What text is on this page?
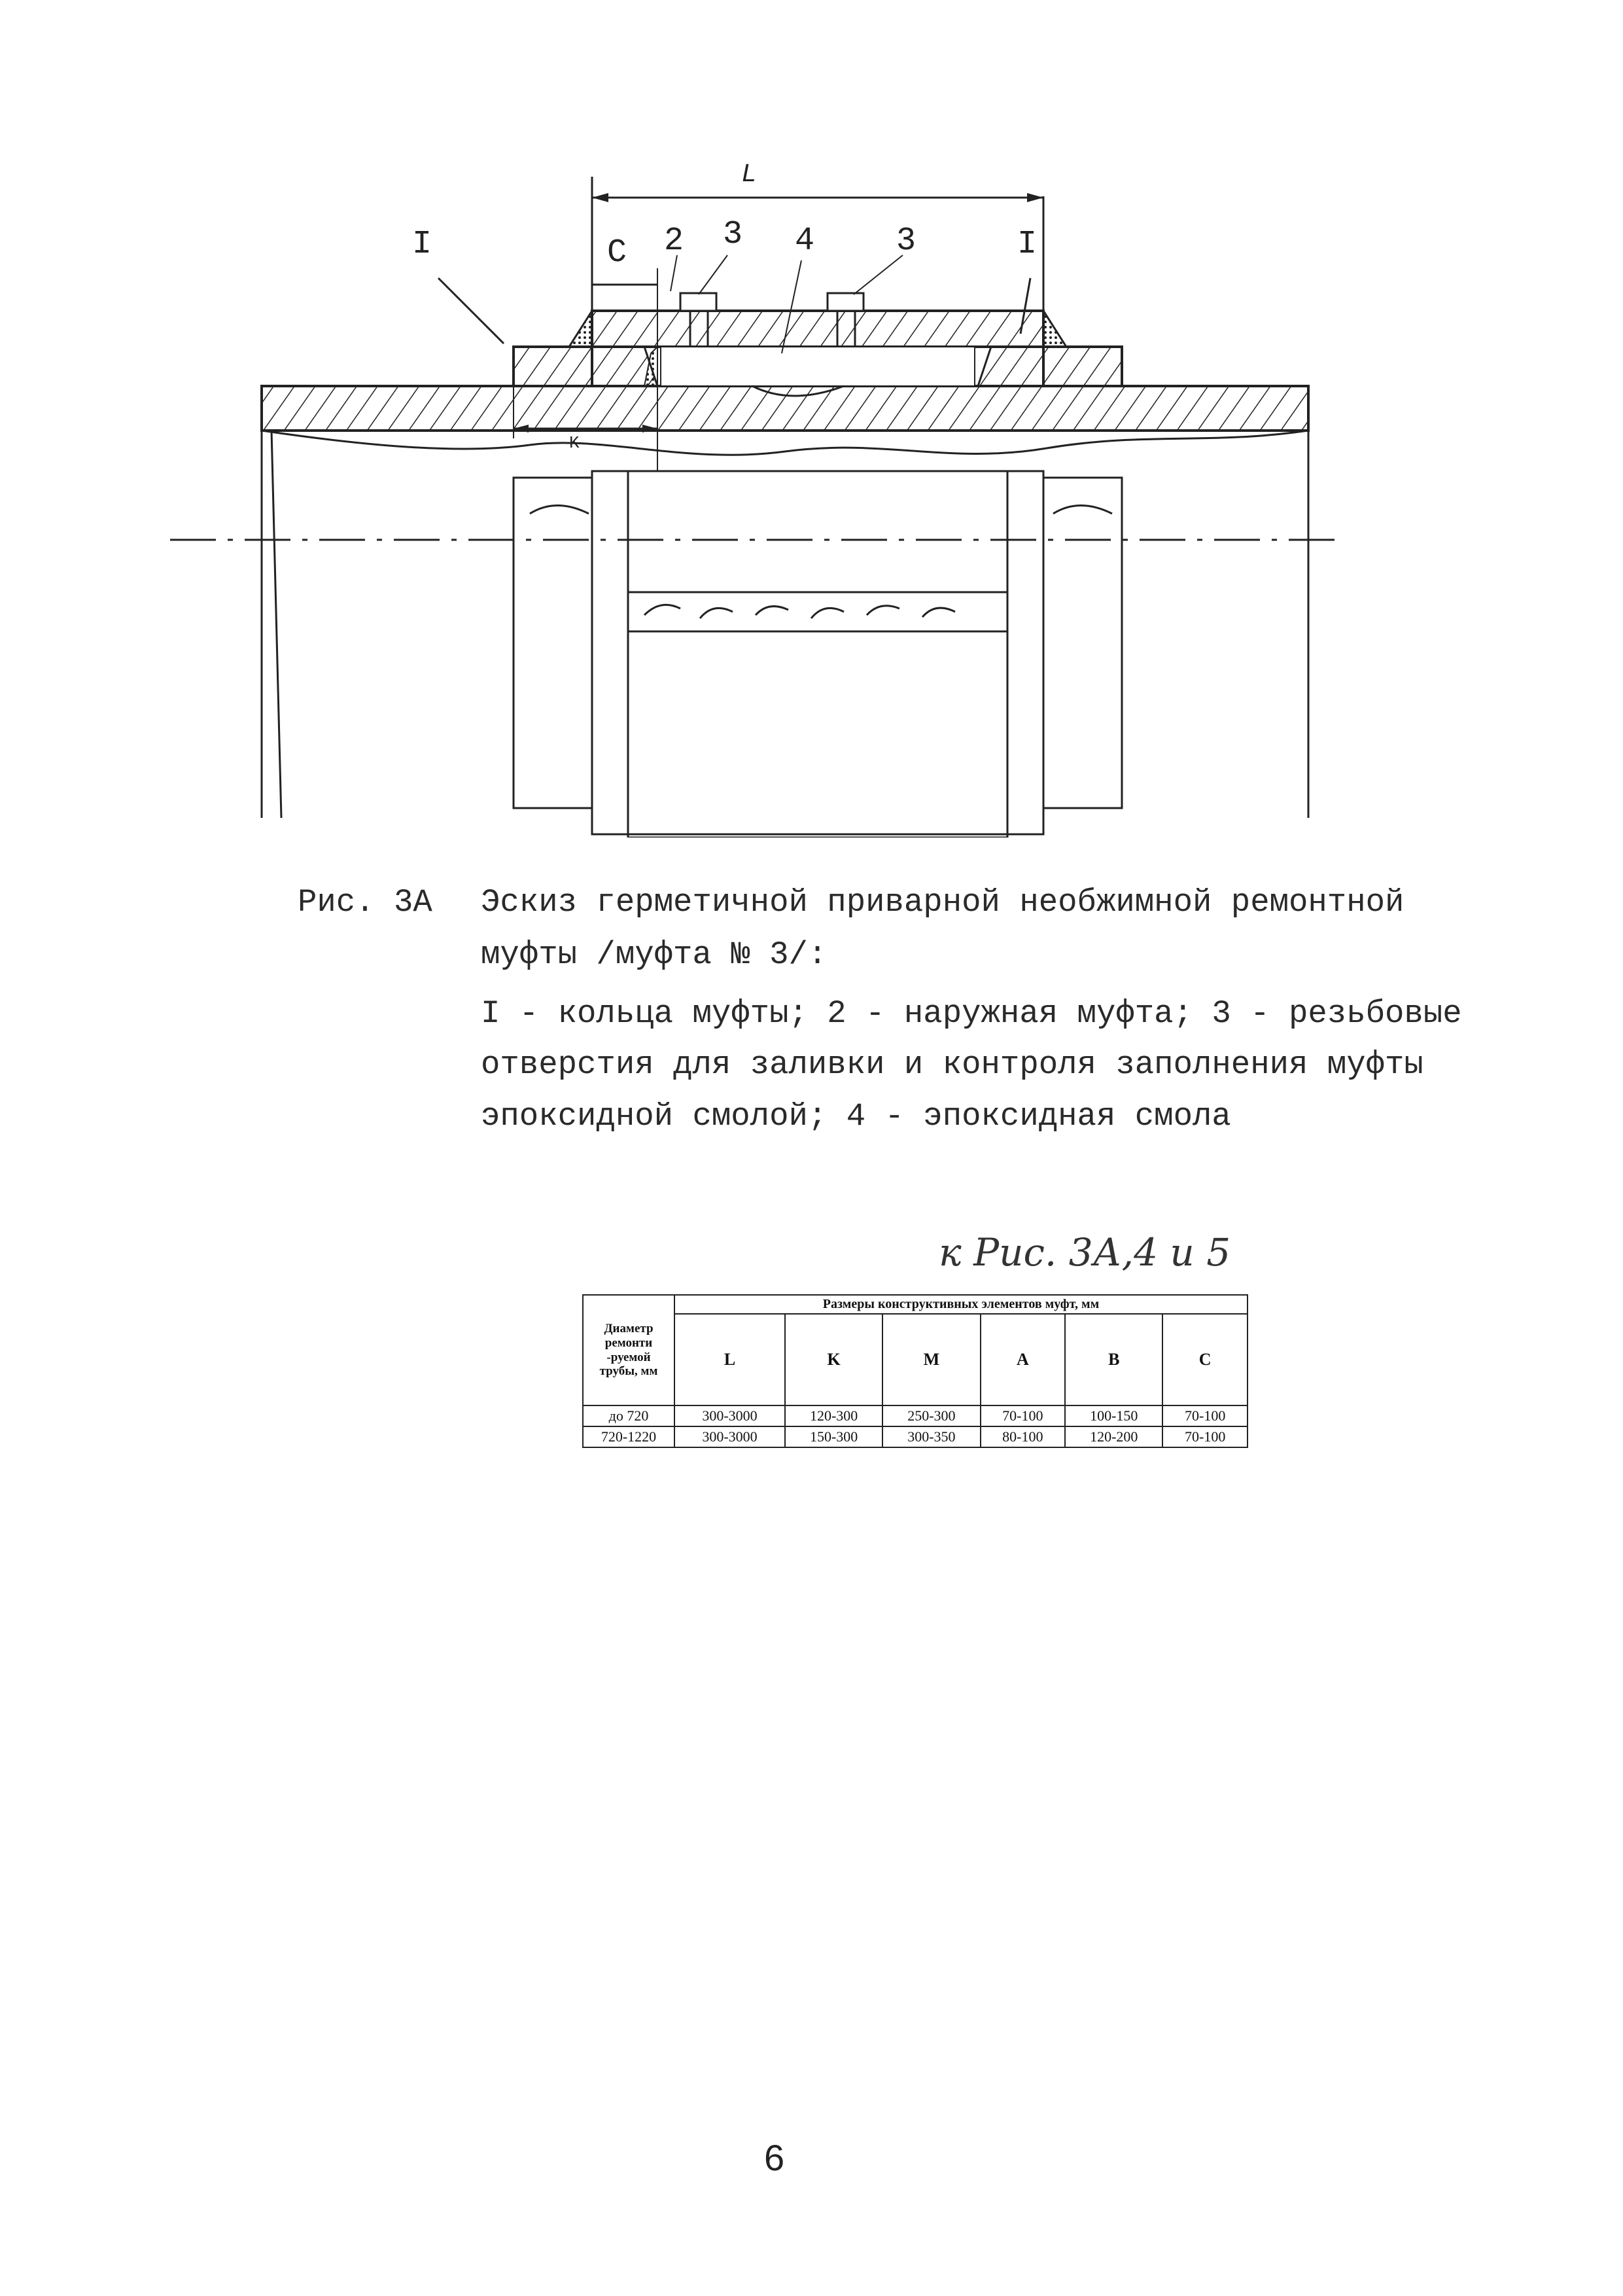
L
C
K
I	I
2 3 4 3
Рис. 3А Эскиз герметичной приварной необжимной ремонтной
муфты /муфта № 3/:
I - кольца муфты; 2 - наружная муфта; 3 - резьбовые
отверстия для заливки и контроля заполнения муфты
эпоксидной смолой; 4 - эпоксидная смола
к Рис. 3А,4 и 5
Диаметр ремонти -руемой трубы, мм	Размеры конструктивных элементов муфт, мм					
	L	K	M	A	B	C
до 720	300-3000	120-300	250-300	70-100	100-150	70-100
720-1220	300-3000	150-300	300-350	80-100	120-200	70-100
6
